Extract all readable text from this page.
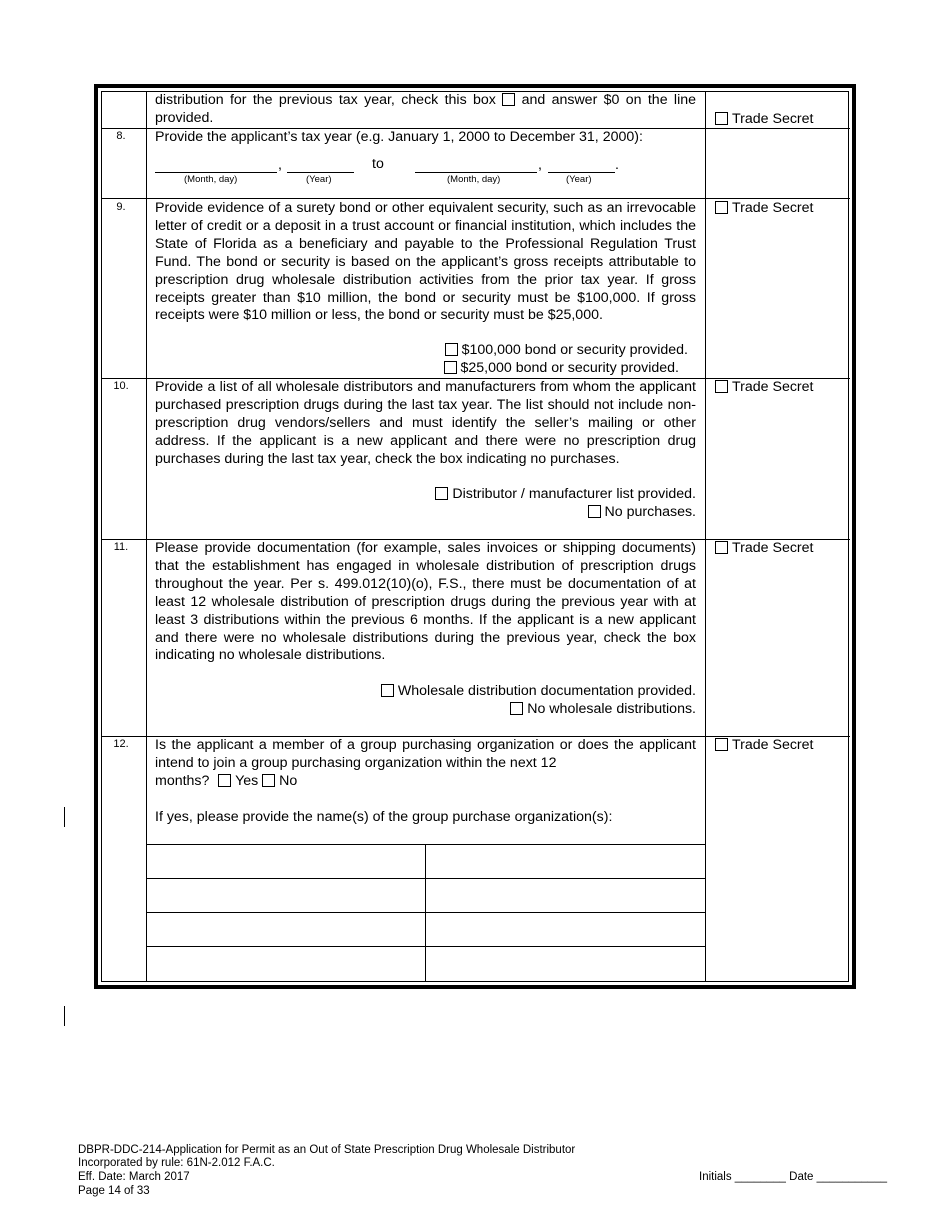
distribution for the previous tax year, check this box and answer $0 on the line provided.	Trade Secret
8.	Provide the applicant’s tax year (e.g. January 1, 2000 to December 31, 2000):
,	to	,	.
(Month, day)	(Year)	(Month, day)	(Year)
9.	Provide evidence of a surety bond or other equivalent security, such as an irrevocable letter of credit or a deposit in a trust account or financial institution, which includes the State of Florida as a beneficiary and payable to the Professional Regulation Trust Fund. The bond or security is based on the applicant’s gross receipts attributable to prescription drug wholesale distribution activities from the prior tax year. If gross receipts greater than $10 million, the bond or security must be $100,000. If gross receipts were $10 million or less, the bond or security must be $25,000.
$100,000 bond or security provided.
$25,000 bond or security provided.
Trade Secret
10.	Provide a list of all wholesale distributors and manufacturers from whom the applicant purchased prescription drugs during the last tax year. The list should not include non-prescription drug vendors/sellers and must identify the seller’s mailing or other address. If the applicant is a new applicant and there were no prescription drug purchases during the last tax year, check the box indicating no purchases.
Distributor / manufacturer list provided.
No purchases.
Trade Secret
11.	Please provide documentation (for example, sales invoices or shipping documents) that the establishment has engaged in wholesale distribution of prescription drugs throughout the year. Per s. 499.012(10)(o), F.S., there must be documentation of at least 12 wholesale distribution of prescription drugs during the previous year with at least 3 distributions within the previous 6 months. If the applicant is a new applicant and there were no wholesale distributions during the previous year, check the box indicating no wholesale distributions.
Wholesale distribution documentation provided.
No wholesale distributions.
Trade Secret
12.	Is the applicant a member of a group purchasing organization or does the applicant intend to join a group purchasing organization within the next 12
months? Yes No
If yes, please provide the name(s) of the group purchase organization(s):
Trade Secret
DBPR-DDC-214-Application for Permit as an Out of State Prescription Drug Wholesale Distributor
Incorporated by rule: 61N-2.012 F.A.C.
Eff. Date: March 2017
Page 14 of 33
Initials ________ Date ___________
